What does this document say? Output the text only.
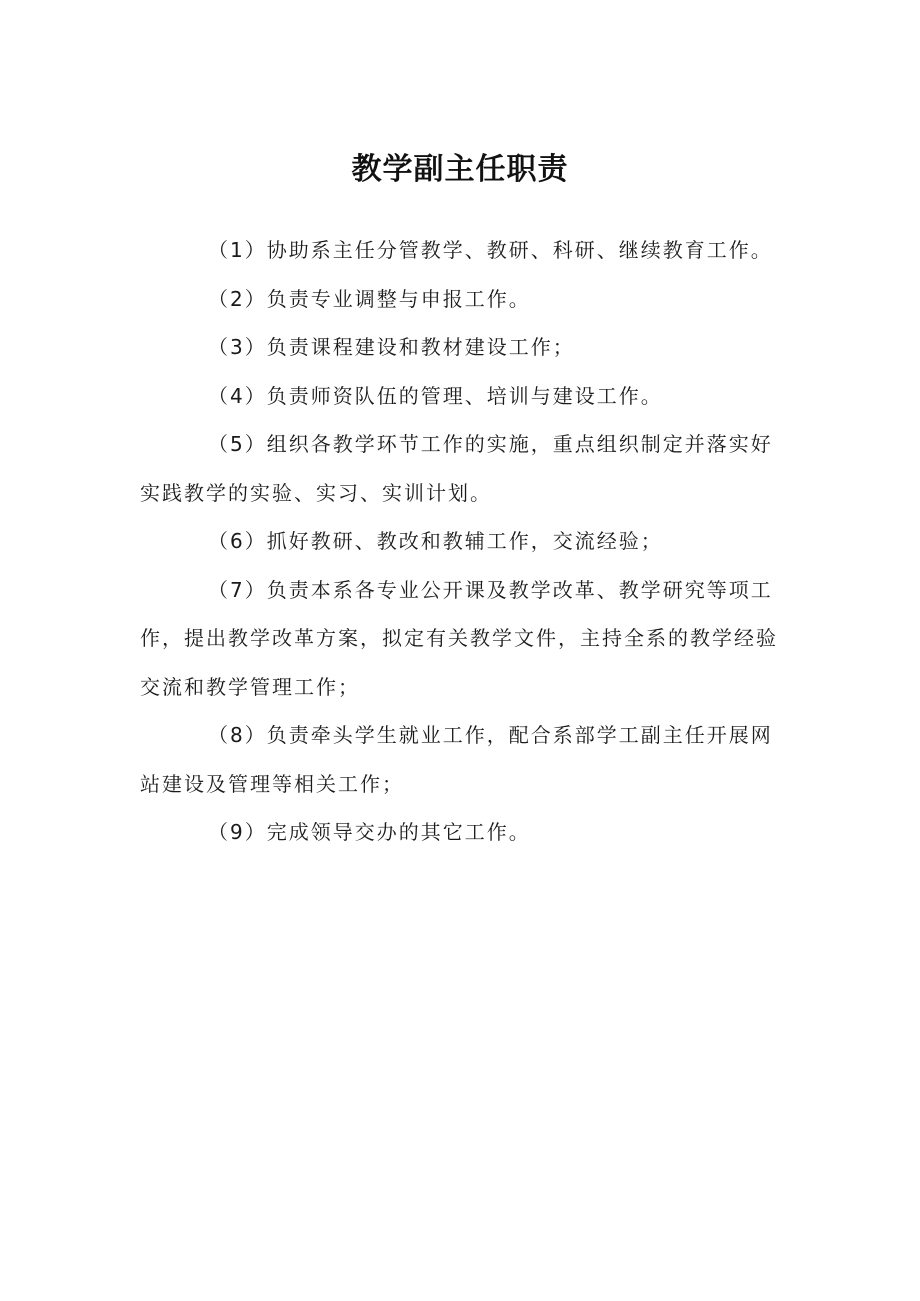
教学副主任职责

（1）协助系主任分管教学、教研、科研、继续教育工作。

（2）负责专业调整与申报工作。

（3）负责课程建设和教材建设工作；

（4）负责师资队伍的管理、培训与建设工作。

（5）组织各教学环节工作的实施，重点组织制定并落实好实践教学的实验、实习、实训计划。

（6）抓好教研、教改和教辅工作，交流经验；

（7）负责本系各专业公开课及教学改革、教学研究等项工作，提出教学改革方案，拟定有关教学文件，主持全系的教学经验交流和教学管理工作；

（8）负责牵头学生就业工作，配合系部学工副主任开展网站建设及管理等相关工作；

（9）完成领导交办的其它工作。
